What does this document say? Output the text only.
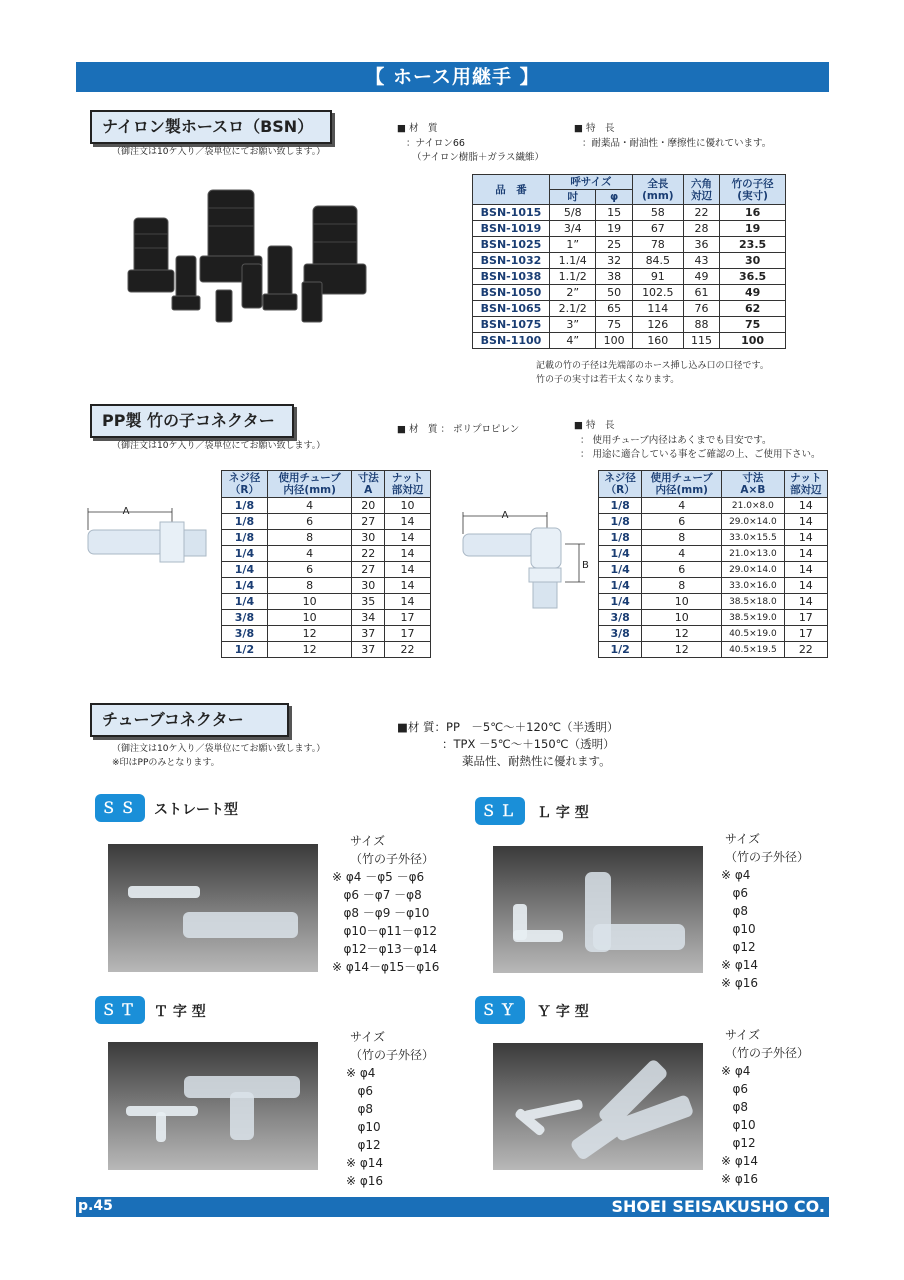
【 ホース用継手 】
ナイロン製ホースロ（BSN）
（御注文は10ケ入り／袋単位にてお願い致します。）
■ 材　質
：ナイロン66
（ナイロン樹脂＋ガラス繊維）
■ 特　長
：耐薬品・耐油性・摩擦性に優れています。
品　番	呼サイズ		全長
(mm)	六角
対辺	竹の子径
(実寸)
	吋	φ			
BSN-1015	5/8	15	58	22	16
BSN-1019	3/4	19	67	28	19
BSN-1025	1”	25	78	36	23.5
BSN-1032	1.1/4	32	84.5	43	30
BSN-1038	1.1/2	38	91	49	36.5
BSN-1050	2”	50	102.5	61	49
BSN-1065	2.1/2	65	114	76	62
BSN-1075	3”	75	126	88	75
BSN-1100	4”	100	160	115	100
記載の竹の子径は先端部のホース挿し込み口の口径です。
竹の子の実寸は若干太くなります。
PP製 竹の子コネクター
（御注文は10ケ入り／袋単位にてお願い致します。）
■ 材　質 ： ポリプロピレン	■ 特　長
： 使用チューブ内径はあくまでも目安です。
： 用途に適合している事をご確認の上、ご使用下さい。
A
ネジ径
（R）	使用チューブ
内径(mm)	寸法
A	ナット
部対辺
1/8	4	20	10
1/8	6	27	14
1/8	8	30	14
1/4	4	22	14
1/4	6	27	14
1/4	8	30	14
1/4	10	35	14
3/8	10	34	17
3/8	12	37	17
1/2	12	37	22
A
B
ネジ径
（R）	使用チューブ
内径(mm)	寸法
A×B	ナット
部対辺
1/8	4	21.0×8.0	14
1/8	6	29.0×14.0	14
1/8	8	33.0×15.5	14
1/4	4	21.0×13.0	14
1/4	6	29.0×14.0	14
1/4	8	33.0×16.0	14
1/4	10	38.5×18.0	14
3/8	10	38.5×19.0	17
3/8	12	40.5×19.0	17
1/2	12	40.5×19.5	22
チューブコネクター
（御注文は10ケ入り／袋単位にてお願い致します。）
※印はPPのみとなります。
■材 質：PP　－5℃～＋120℃（半透明）
：TPX －5℃～＋150℃（透明）
薬品性、耐熱性に優れます。
ＳＳ	ストレート型
サイズ
（竹の子外径）
※ φ4 －φ5 －φ6
φ6 －φ7 －φ8
φ8 －φ9 －φ10
φ10－φ11－φ12
φ12－φ13－φ14
※ φ14－φ15－φ16
ＳＬ	Ｌ 字 型
サイズ
（竹の子外径）
※ φ4
φ6
φ8
φ10
φ12
※ φ14
※ φ16
ＳＴ	Ｔ 字 型
サイズ
（竹の子外径）
※ φ4
φ6
φ8
φ10
φ12
※ φ14
※ φ16
ＳＹ	Ｙ 字 型
サイズ
（竹の子外径）
※ φ4
φ6
φ8
φ10
φ12
※ φ14
※ φ16
p.45	SHOEI SEISAKUSHO CO.
